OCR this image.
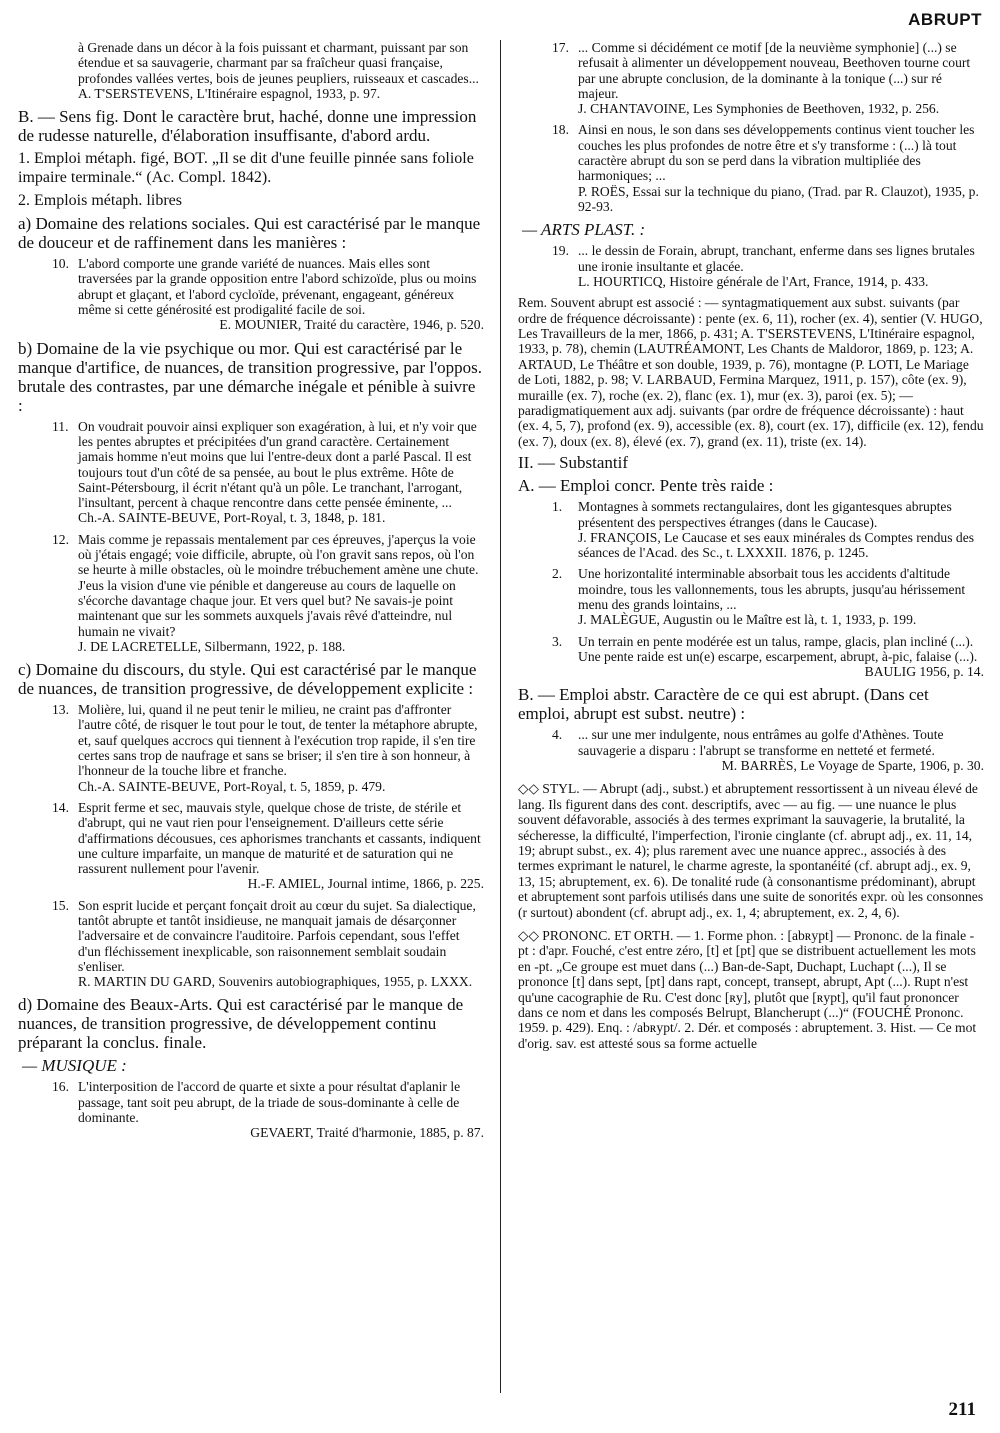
ABRUPT
à Grenade dans un décor à la fois puissant et charmant, puissant par son étendue et sa sauvagerie, charmant par sa fraîcheur quasi française, profondes vallées vertes, bois de jeunes peupliers, ruisseaux et cascades...
A. T'SERSTEVENS, L'Itinéraire espagnol, 1933, p. 97.
B. — Sens fig. Dont le caractère brut, haché, donne une impression de rudesse naturelle, d'élaboration insuffisante, d'abord ardu.
1. Emploi métaph. figé, BOT. „Il se dit d'une feuille pinnée sans foliole impaire terminale.“ (Ac. Compl. 1842).
2. Emplois métaph. libres
a) Domaine des relations sociales. Qui est caractérisé par le manque de douceur et de raffinement dans les manières :
10. L'abord comporte une grande variété de nuances. Mais elles sont traversées par la grande opposition entre l'abord schizoïde, plus ou moins abrupt et glaçant, et l'abord cycloïde, prévenant, engageant, généreux même si cette générosité est prodigalité facile de soi.
E. MOUNIER, Traité du caractère, 1946, p. 520.
b) Domaine de la vie psychique ou mor. Qui est caractérisé par le manque d'artifice, de nuances, de transition progressive, par l'oppos. brutale des contrastes, par une démarche inégale et pénible à suivre :
11. On voudrait pouvoir ainsi expliquer son exagération, à lui, et n'y voir que les pentes abruptes et précipitées d'un grand caractère. Certainement jamais homme n'eut moins que lui l'entre-deux dont a parlé Pascal. Il est toujours tout d'un côté de sa pensée, au bout le plus extrême. Hôte de Saint-Pétersbourg, il écrit n'étant qu'à un pôle. Le tranchant, l'arrogant, l'insultant, percent à chaque rencontre dans cette pensée éminente, ...
Ch.-A. SAINTE-BEUVE, Port-Royal, t. 3, 1848, p. 181.
12. Mais comme je repassais mentalement par ces épreuves, j'aperçus la voie où j'étais engagé; voie difficile, abrupte, où l'on gravit sans repos, où l'on se heurte à mille obstacles, où le moindre trébuchement amène une chute. J'eus la vision d'une vie pénible et dangereuse au cours de laquelle on s'écorche davantage chaque jour. Et vers quel but? Ne savais-je point maintenant que sur les sommets auxquels j'avais rêvé d'atteindre, nul humain ne vivait?
J. DE LACRETELLE, Silbermann, 1922, p. 188.
c) Domaine du discours, du style. Qui est caractérisé par le manque de nuances, de transition progressive, de développement explicite :
13. Molière, lui, quand il ne peut tenir le milieu, ne craint pas d'affronter l'autre côté, de risquer le tout pour le tout, de tenter la métaphore abrupte, et, sauf quelques accrocs qui tiennent à l'exécution trop rapide, il s'en tire certes sans trop de naufrage et sans se briser; il s'en tire à son honneur, à l'honneur de la touche libre et franche.
Ch.-A. SAINTE-BEUVE, Port-Royal, t. 5, 1859, p. 479.
14. Esprit ferme et sec, mauvais style, quelque chose de triste, de stérile et d'abrupt, qui ne vaut rien pour l'enseignement. D'ailleurs cette série d'affirmations décousues, ces aphorismes tranchants et cassants, indiquent une culture imparfaite, un manque de maturité et de saturation qui ne rassurent nullement pour l'avenir.
H.-F. AMIEL, Journal intime, 1866, p. 225.
15. Son esprit lucide et perçant fonçait droit au cœur du sujet. Sa dialectique, tantôt abrupte et tantôt insidieuse, ne manquait jamais de désarçonner l'adversaire et de convaincre l'auditoire. Parfois cependant, sous l'effet d'un fléchissement inexplicable, son raisonnement semblait soudain s'enliser.
R. MARTIN DU GARD, Souvenirs autobiographiques, 1955, p. LXXX.
d) Domaine des Beaux-Arts. Qui est caractérisé par le manque de nuances, de transition progressive, de développement continu préparant la conclus. finale.
— MUSIQUE :
16. L'interposition de l'accord de quarte et sixte a pour résultat d'aplanir le passage, tant soit peu abrupt, de la triade de sous-dominante à celle de dominante.
GEVAERT, Traité d'harmonie, 1885, p. 87.
17. ... Comme si décidément ce motif [de la neuvième symphonie] (...) se refusait à alimenter un développement nouveau, Beethoven tourne court par une abrupte conclusion, de la dominante à la tonique (...) sur ré majeur.
J. CHANTAVOINE, Les Symphonies de Beethoven, 1932, p. 256.
18. Ainsi en nous, le son dans ses développements continus vient toucher les couches les plus profondes de notre être et s'y transforme : (...) là tout caractère abrupt du son se perd dans la vibration multipliée des harmoniques; ...
P. ROËS, Essai sur la technique du piano, (Trad. par R. Clauzot), 1935, p. 92-93.
— ARTS PLAST. :
19. ... le dessin de Forain, abrupt, tranchant, enferme dans ses lignes brutales une ironie insultante et glacée.
L. HOURTICQ, Histoire générale de l'Art, France, 1914, p. 433.
Rem. Souvent abrupt est associé : — syntagmatiquement aux subst. suivants (par ordre de fréquence décroissante) : pente (ex. 6, 11), rocher (ex. 4), sentier (V. HUGO, Les Travailleurs de la mer, 1866, p. 431; A. T'SERSTEVENS, L'Itinéraire espagnol, 1933, p. 78), chemin (LAUTRÉAMONT, Les Chants de Maldoror, 1869, p. 123; A. ARTAUD, Le Théâtre et son double, 1939, p. 76), montagne (P. LOTI, Le Mariage de Loti, 1882, p. 98; V. LARBAUD, Fermina Marquez, 1911, p. 157), côte (ex. 9), muraille (ex. 7), roche (ex. 2), flanc (ex. 1), mur (ex. 3), paroi (ex. 5); — paradigmatiquement aux adj. suivants (par ordre de fréquence décroissante) : haut (ex. 4, 5, 7), profond (ex. 9), accessible (ex. 8), court (ex. 17), difficile (ex. 12), fendu (ex. 7), doux (ex. 8), élevé (ex. 7), grand (ex. 11), triste (ex. 14).
II. — Substantif
A. — Emploi concr. Pente très raide :
1. Montagnes à sommets rectangulaires, dont les gigantesques abruptes présentent des perspectives étranges (dans le Caucase).
J. FRANÇOIS, Le Caucase et ses eaux minérales ds Comptes rendus des séances de l'Acad. des Sc., t. LXXXII. 1876, p. 1245.
2. Une horizontalité interminable absorbait tous les accidents d'altitude moindre, tous les vallonnements, tous les abrupts, jusqu'au hérissement menu des grands lointains, ...
J. MALÈGUE, Augustin ou le Maître est là, t. 1, 1933, p. 199.
3. Un terrain en pente modérée est un talus, rampe, glacis, plan incliné (...). Une pente raide est un(e) escarpe, escarpement, abrupt, à-pic, falaise (...).
BAULIG 1956, p. 14.
B. — Emploi abstr. Caractère de ce qui est abrupt. (Dans cet emploi, abrupt est subst. neutre) :
4. ... sur une mer indulgente, nous entrâmes au golfe d'Athènes. Toute sauvagerie a disparu : l'abrupt se transforme en netteté et fermeté.
M. BARRÈS, Le Voyage de Sparte, 1906, p. 30.
◇◇ STYL. — Abrupt (adj., subst.) et abruptement ressortissent à un niveau élevé de lang. Ils figurent dans des cont. descriptifs, avec — au fig. — une nuance le plus souvent défavorable, associés à des termes exprimant la sauvagerie, la brutalité, la sécheresse, la difficulté, l'imperfection, l'ironie cinglante (cf. abrupt adj., ex. 11, 14, 19; abrupt subst., ex. 4); plus rarement avec une nuance apprec., associés à des termes exprimant le naturel, le charme agreste, la spontanéité (cf. abrupt adj., ex. 9, 13, 15; abruptement, ex. 6). De tonalité rude (à consonantisme prédominant), abrupt et abruptement sont parfois utilisés dans une suite de sonorités expr. où les consonnes (r surtout) abondent (cf. abrupt adj., ex. 1, 4; abruptement, ex. 2, 4, 6).
◇◇ PRONONC. ET ORTH. — 1. Forme phon. : [abʀypt] — Prononc. de la finale -pt : d'apr. Fouché, c'est entre zéro, [t] et [pt] que se distribuent actuellement les mots en -pt. „Ce groupe est muet dans (...) Ban-de-Sapt, Duchapt, Luchapt (...), Il se prononce [t] dans sept, [pt] dans rapt, concept, transept, abrupt, Apt (...). Rupt n'est qu'une cacographie de Ru. C'est donc [ʀy], plutôt que [ʀypt], qu'il faut prononcer dans ce nom et dans les composés Belrupt, Blancherupt (...)“ (FOUCHÉ Prononc. 1959. p. 429). Enq. : /abʀypt/. 2. Dér. et composés : abruptement. 3. Hist. — Ce mot d'orig. sav. est attesté sous sa forme actuelle
211
